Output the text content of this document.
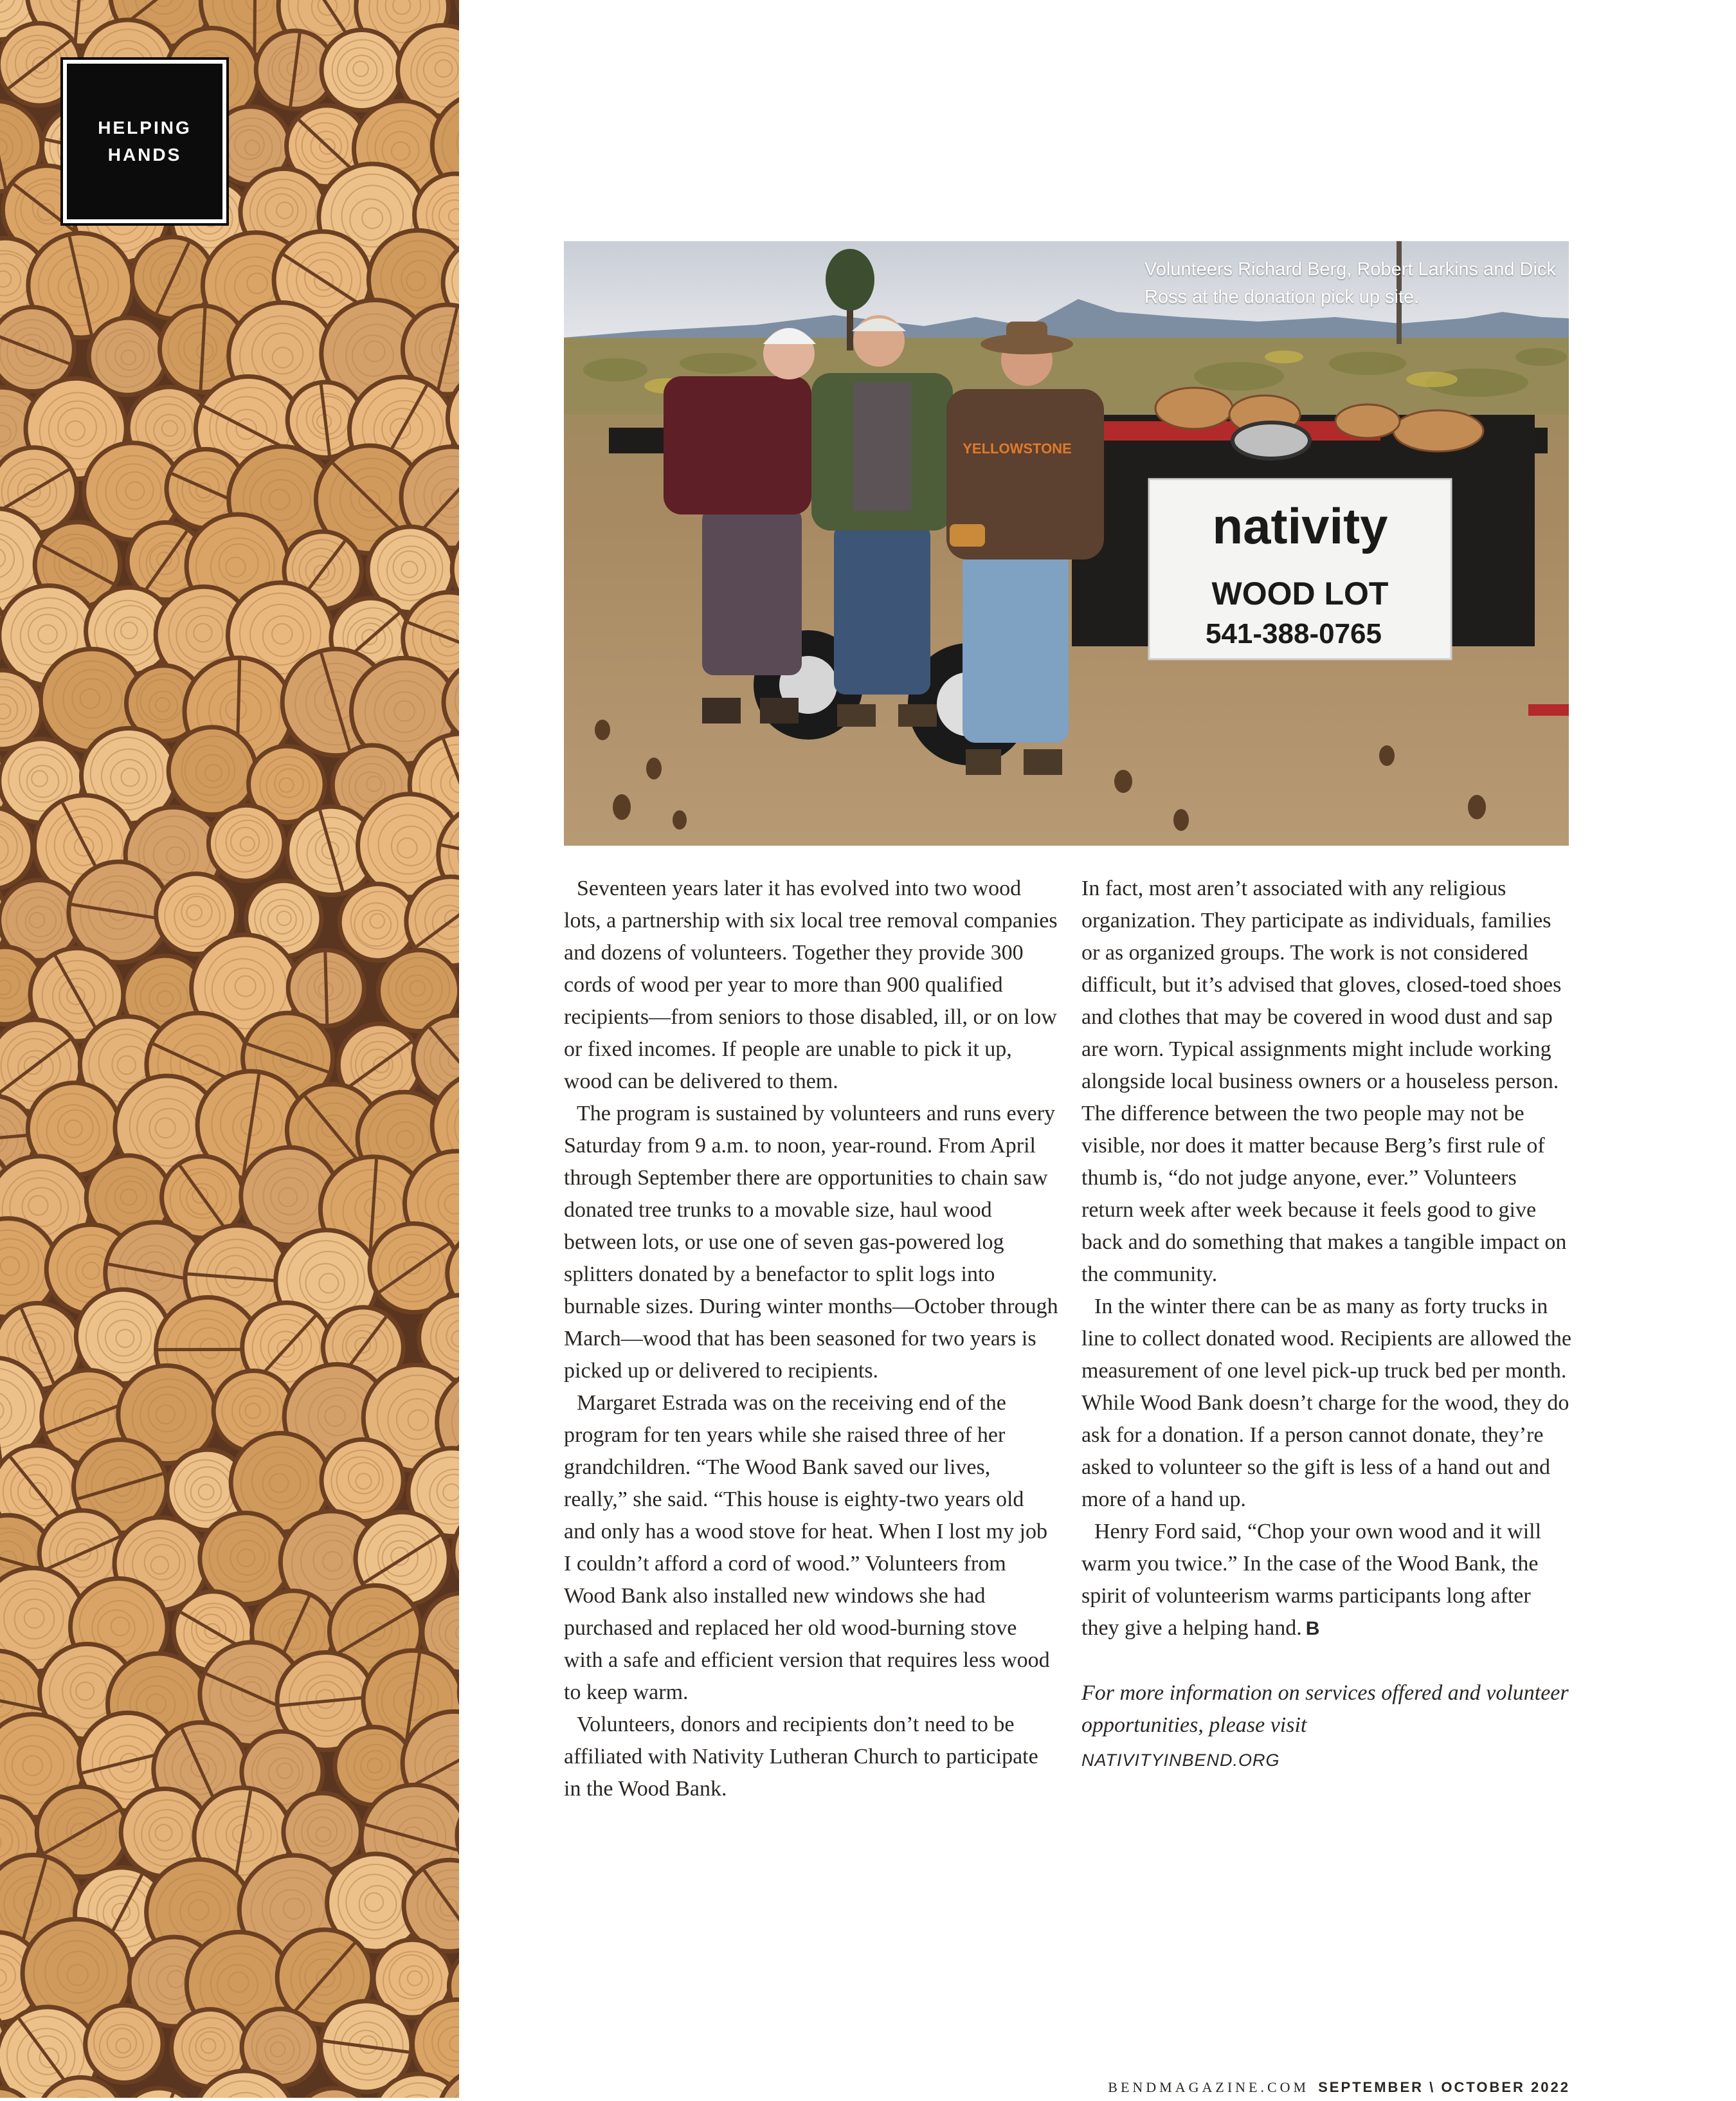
HELPING
HANDS
nativity
WOOD LOT
541-388-0765
YELLOWSTONE
Volunteers Richard Berg, Robert Larkins and Dick Ross at the donation pick up site.

Seventeen years later it has evolved into two wood lots, a partnership with six local tree removal companies and dozens of volunteers. Together they provide 300 cords of wood per year to more than 900 qualified recipients—from seniors to those disabled, ill, or on low or fixed incomes. If people are unable to pick it up, wood can be delivered to them.

The program is sustained by volunteers and runs every Saturday from 9 a.m. to noon, year-round. From April through September there are opportunities to chain saw donated tree trunks to a movable size, haul wood between lots, or use one of seven gas-powered log splitters donated by a benefactor to split logs into burnable sizes. During winter months—October through March—wood that has been seasoned for two years is picked up or delivered to recipients.

Margaret Estrada was on the receiving end of the program for ten years while she raised three of her grandchildren. “The Wood Bank saved our lives, really,” she said. “This house is eighty-two years old and only has a wood stove for heat. When I lost my job I couldn’t afford a cord of wood.” Volunteers from Wood Bank also installed new windows she had purchased and replaced her old wood-burning stove with a safe and efficient version that requires less wood to keep warm.

Volunteers, donors and recipients don’t need to be affiliated with Nativity Lutheran Church to participate in the Wood Bank.

In fact, most aren’t associated with any religious organization. They participate as individuals, families or as organized groups. The work is not considered difficult, but it’s advised that gloves, closed-toed shoes and clothes that may be covered in wood dust and sap are worn. Typical assignments might include working alongside local business owners or a houseless person. The difference between the two people may not be visible, nor does it matter because Berg’s first rule of thumb is, “do not judge anyone, ever.” Volunteers return week after week because it feels good to give back and do something that makes a tangible impact on the community.

In the winter there can be as many as forty trucks in line to collect donated wood. Recipients are allowed the measurement of one level pick-up truck bed per month. While Wood Bank doesn’t charge for the wood, they do ask for a donation. If a person cannot donate, they’re asked to volunteer so the gift is less of a hand out and more of a hand up.

Henry Ford said, “Chop your own wood and it will warm you twice.” In the case of the Wood Bank, the spirit of volunteerism warms participants long after they give a helping hand. B

For more information on services offered and volunteer opportunities, please visit
NATIVITYINBEND.ORG

BENDMAGAZINE.COM SEPTEMBER \ OCTOBER 2022
